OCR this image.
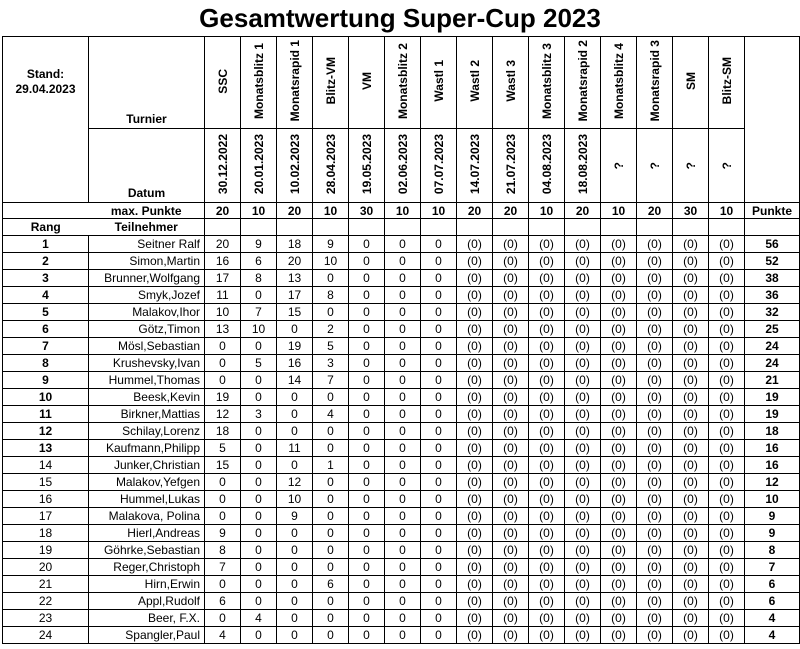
Gesamtwertung Super-Cup 2023
Stand:
29.04.2023	Turnier	SSC	Monatsblitz 1	Monatsrapid 1	Blitz-VM	VM	Monatsblitz 2	Wastl 1	Wastl 2	Wastl 3	Monatsblitz 3	Monatsrapid 2	Monatsblitz 4	Monatsrapid 3	SM	Blitz-SM	
	Datum	30.12.2022	20.01.2023	10.02.2023	28.04.2023	19.05.2023	02.06.2023	07.07.2023	14.07.2023	21.07.2023	04.08.2023	18.08.2023	?	?	?	?	
	max. Punkte	20	10	20	10	30	10	10	20	20	10	20	10	20	30	10	Punkte
Rang	Teilnehmer																
1	Seitner Ralf	20	9	18	9	0	0	0	(0)	(0)	(0)	(0)	(0)	(0)	(0)	(0)	56
2	Simon,Martin	16	6	20	10	0	0	0	(0)	(0)	(0)	(0)	(0)	(0)	(0)	(0)	52
3	Brunner,Wolfgang	17	8	13	0	0	0	0	(0)	(0)	(0)	(0)	(0)	(0)	(0)	(0)	38
4	Smyk,Jozef	11	0	17	8	0	0	0	(0)	(0)	(0)	(0)	(0)	(0)	(0)	(0)	36
5	Malakov,Ihor	10	7	15	0	0	0	0	(0)	(0)	(0)	(0)	(0)	(0)	(0)	(0)	32
6	Götz,Timon	13	10	0	2	0	0	0	(0)	(0)	(0)	(0)	(0)	(0)	(0)	(0)	25
7	Mösl,Sebastian	0	0	19	5	0	0	0	(0)	(0)	(0)	(0)	(0)	(0)	(0)	(0)	24
8	Krushevsky,Ivan	0	5	16	3	0	0	0	(0)	(0)	(0)	(0)	(0)	(0)	(0)	(0)	24
9	Hummel,Thomas	0	0	14	7	0	0	0	(0)	(0)	(0)	(0)	(0)	(0)	(0)	(0)	21
10	Beesk,Kevin	19	0	0	0	0	0	0	(0)	(0)	(0)	(0)	(0)	(0)	(0)	(0)	19
11	Birkner,Mattias	12	3	0	4	0	0	0	(0)	(0)	(0)	(0)	(0)	(0)	(0)	(0)	19
12	Schilay,Lorenz	18	0	0	0	0	0	0	(0)	(0)	(0)	(0)	(0)	(0)	(0)	(0)	18
13	Kaufmann,Philipp	5	0	11	0	0	0	0	(0)	(0)	(0)	(0)	(0)	(0)	(0)	(0)	16
14	Junker,Christian	15	0	0	1	0	0	0	(0)	(0)	(0)	(0)	(0)	(0)	(0)	(0)	16
15	Malakov,Yefgen	0	0	12	0	0	0	0	(0)	(0)	(0)	(0)	(0)	(0)	(0)	(0)	12
16	Hummel,Lukas	0	0	10	0	0	0	0	(0)	(0)	(0)	(0)	(0)	(0)	(0)	(0)	10
17	Malakova, Polina	0	0	9	0	0	0	0	(0)	(0)	(0)	(0)	(0)	(0)	(0)	(0)	9
18	Hierl,Andreas	9	0	0	0	0	0	0	(0)	(0)	(0)	(0)	(0)	(0)	(0)	(0)	9
19	Göhrke,Sebastian	8	0	0	0	0	0	0	(0)	(0)	(0)	(0)	(0)	(0)	(0)	(0)	8
20	Reger,Christoph	7	0	0	0	0	0	0	(0)	(0)	(0)	(0)	(0)	(0)	(0)	(0)	7
21	Hirn,Erwin	0	0	0	6	0	0	0	(0)	(0)	(0)	(0)	(0)	(0)	(0)	(0)	6
22	Appl,Rudolf	6	0	0	0	0	0	0	(0)	(0)	(0)	(0)	(0)	(0)	(0)	(0)	6
23	Beer, F.X.	0	4	0	0	0	0	0	(0)	(0)	(0)	(0)	(0)	(0)	(0)	(0)	4
24	Spangler,Paul	4	0	0	0	0	0	0	(0)	(0)	(0)	(0)	(0)	(0)	(0)	(0)	4
